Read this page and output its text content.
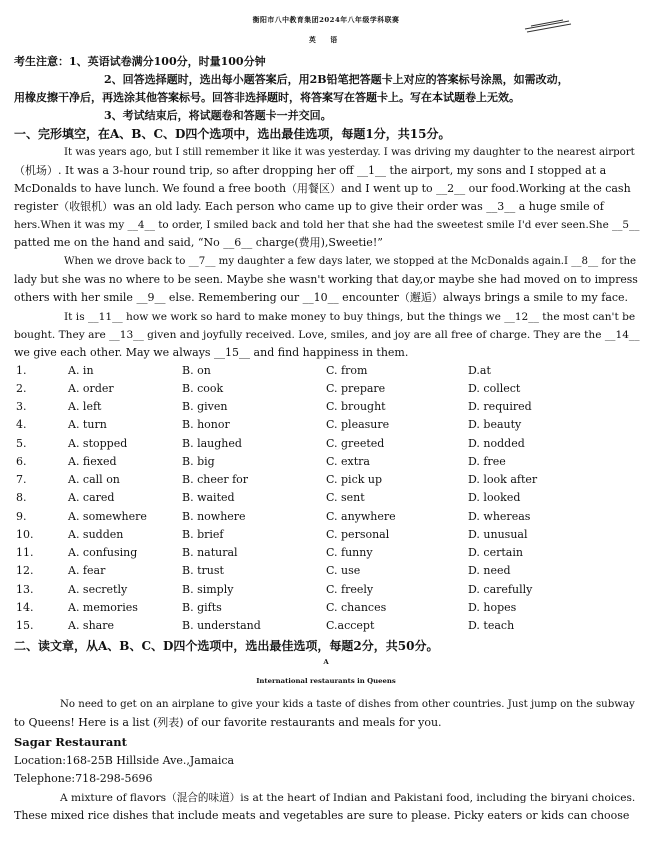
衡阳市八中教育集团2024年八年级学科联赛
英 语
考生注意：1、英语试卷满分100分，时量100分钟
2、回答选择题时，选出每小题答案后，用2B铅笔把答题卡上对应的答案标号涂黑，如需改动，
用橡皮擦干净后，再选涂其他答案标号。回答非选择题时，将答案写在答题卡上。写在本试题卷上无效。
3、考试结束后，将试题卷和答题卡一并交回。
一、完形填空，在A、B、C、D四个选项中，选出最佳选项，每题1分，共15分。
It was years ago, but I still remember it like it was yesterday. I was driving my daughter to the nearest airport
（机场）. It was a 3-hour round trip, so after dropping her off __1__ the airport, my sons and I stopped at a
McDonalds to have lunch. We found a free booth（用餐区）and I went up to __2__ our food.Working at the cash
register（收银机）was an old lady. Each person who came up to give their order was __3__ a huge smile of
hers.When it was my __4__ to order, I smiled back and told her that she had the sweetest smile I'd ever seen.She __5__
patted me on the hand and said, “No __6__ charge(费用),Sweetie!”
When we drove back to __7__ my daughter a few days later, we stopped at the McDonalds again.I __8__ for the
lady but she was no where to be seen. Maybe she wasn't working that day,or maybe she had moved on to impress
others with her smile __9__ else. Remembering our __10__ encounter（邂逅）always brings a smile to my face.
It is __11__ how we work so hard to make money to buy things, but the things we __12__ the most can't be
bought. They are __13__ given and joyfully received. Love, smiles, and joy are all free of charge. They are the __14__
we give each other. May we always __15__ and find happiness in them.
1.	A. in	B. on	C. from	D.at
2.	A. order	B. cook	C. prepare	D. collect
3.	A. left	B. given	C. brought	D. required
4.	A. turn	B. honor	C. pleasure	D. beauty
5.	A. stopped	B. laughed	C. greeted	D. nodded
6.	A. fiexed	B. big	C. extra	D. free
7.	A. call on	B. cheer for	C. pick up	D. look after
8.	A. cared	B. waited	C. sent	D. looked
9.	A. somewhere	B. nowhere	C. anywhere	D. whereas
10.	A. sudden	B. brief	C. personal	D. unusual
11.	A. confusing	B. natural	C. funny	D. certain
12.	A. fear	B. trust	C. use	D. need
13.	A. secretly	B. simply	C. freely	D. carefully
14.	A. memories	B. gifts	C. chances	D. hopes
15.	A. share	B. understand	C.accept	D. teach
二、读文章，从A、B、C、D四个选项中，选出最佳选项，每题2分，共50分。
A
International restaurants in Queens
No need to get on an airplane to give your kids a taste of dishes from other countries. Just jump on the subway
to Queens! Here is a list (列表) of our favorite restaurants and meals for you.
Sagar Restaurant
Location:168-25B Hillside Ave.,Jamaica
Telephone:718-298-5696
A mixture of flavors（混合的味道）is at the heart of Indian and Pakistani food, including the biryani choices.
These mixed rice dishes that include meats and vegetables are sure to please. Picky eaters or kids can choose
